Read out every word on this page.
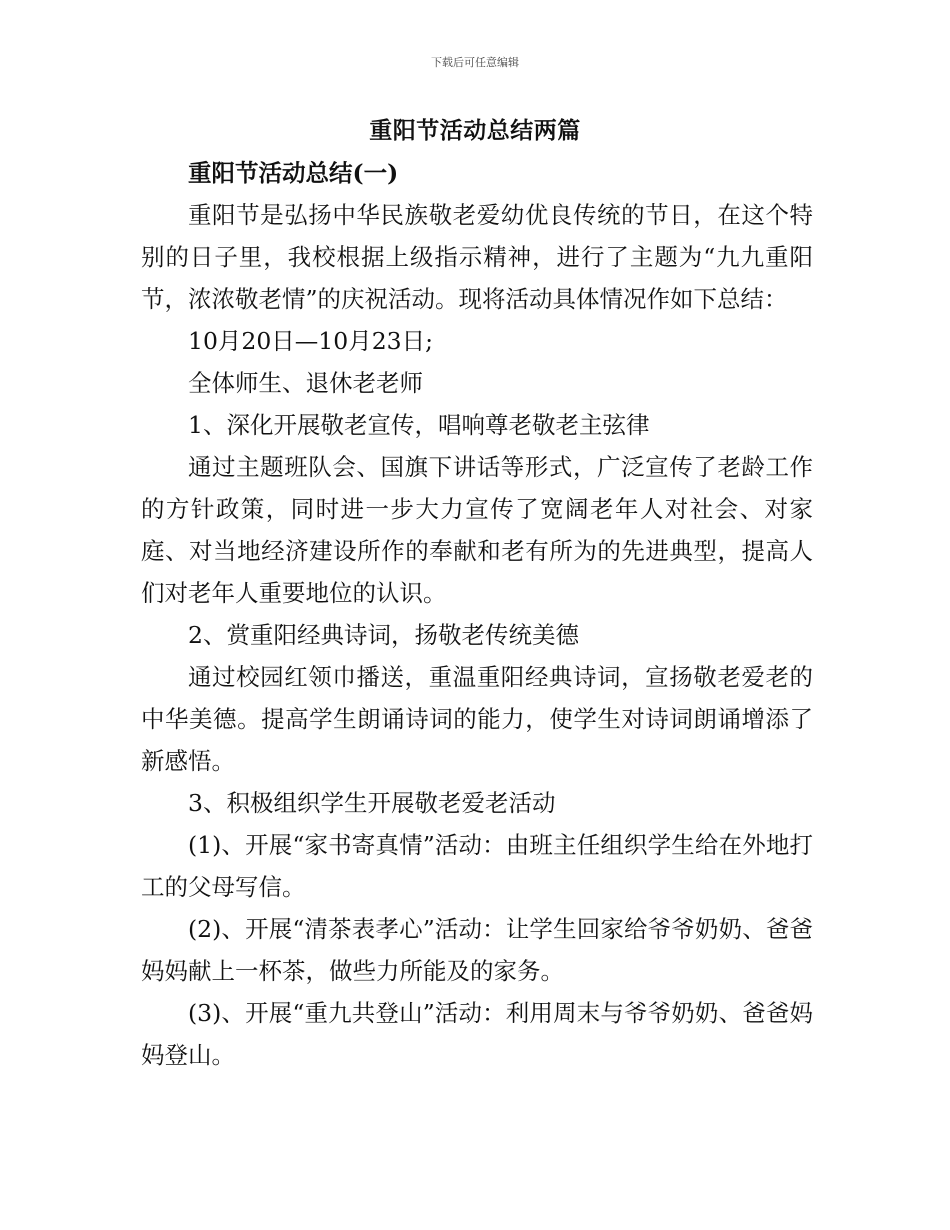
下载后可任意编辑
重阳节活动总结两篇

重阳节活动总结(一)

重阳节是弘扬中华民族敬老爱幼优良传统的节日，在这个特别的日子里，我校根据上级指示精神，进行了主题为“九九重阳节，浓浓敬老情”的庆祝活动。现将活动具体情况作如下总结：

10月20日—10月23日;

全体师生、退休老老师

1、深化开展敬老宣传，唱响尊老敬老主弦律

通过主题班队会、国旗下讲话等形式，广泛宣传了老龄工作的方针政策，同时进一步大力宣传了宽阔老年人对社会、对家庭、对当地经济建设所作的奉献和老有所为的先进典型，提高人们对老年人重要地位的认识。

2、赏重阳经典诗词，扬敬老传统美德

通过校园红领巾播送，重温重阳经典诗词，宣扬敬老爱老的中华美德。提高学生朗诵诗词的能力，使学生对诗词朗诵增添了新感悟。

3、积极组织学生开展敬老爱老活动

(1)、开展“家书寄真情”活动：由班主任组织学生给在外地打工的父母写信。

(2)、开展“清茶表孝心”活动：让学生回家给爷爷奶奶、爸爸妈妈献上一杯茶，做些力所能及的家务。

(3)、开展“重九共登山”活动：利用周末与爷爷奶奶、爸爸妈妈登山。
